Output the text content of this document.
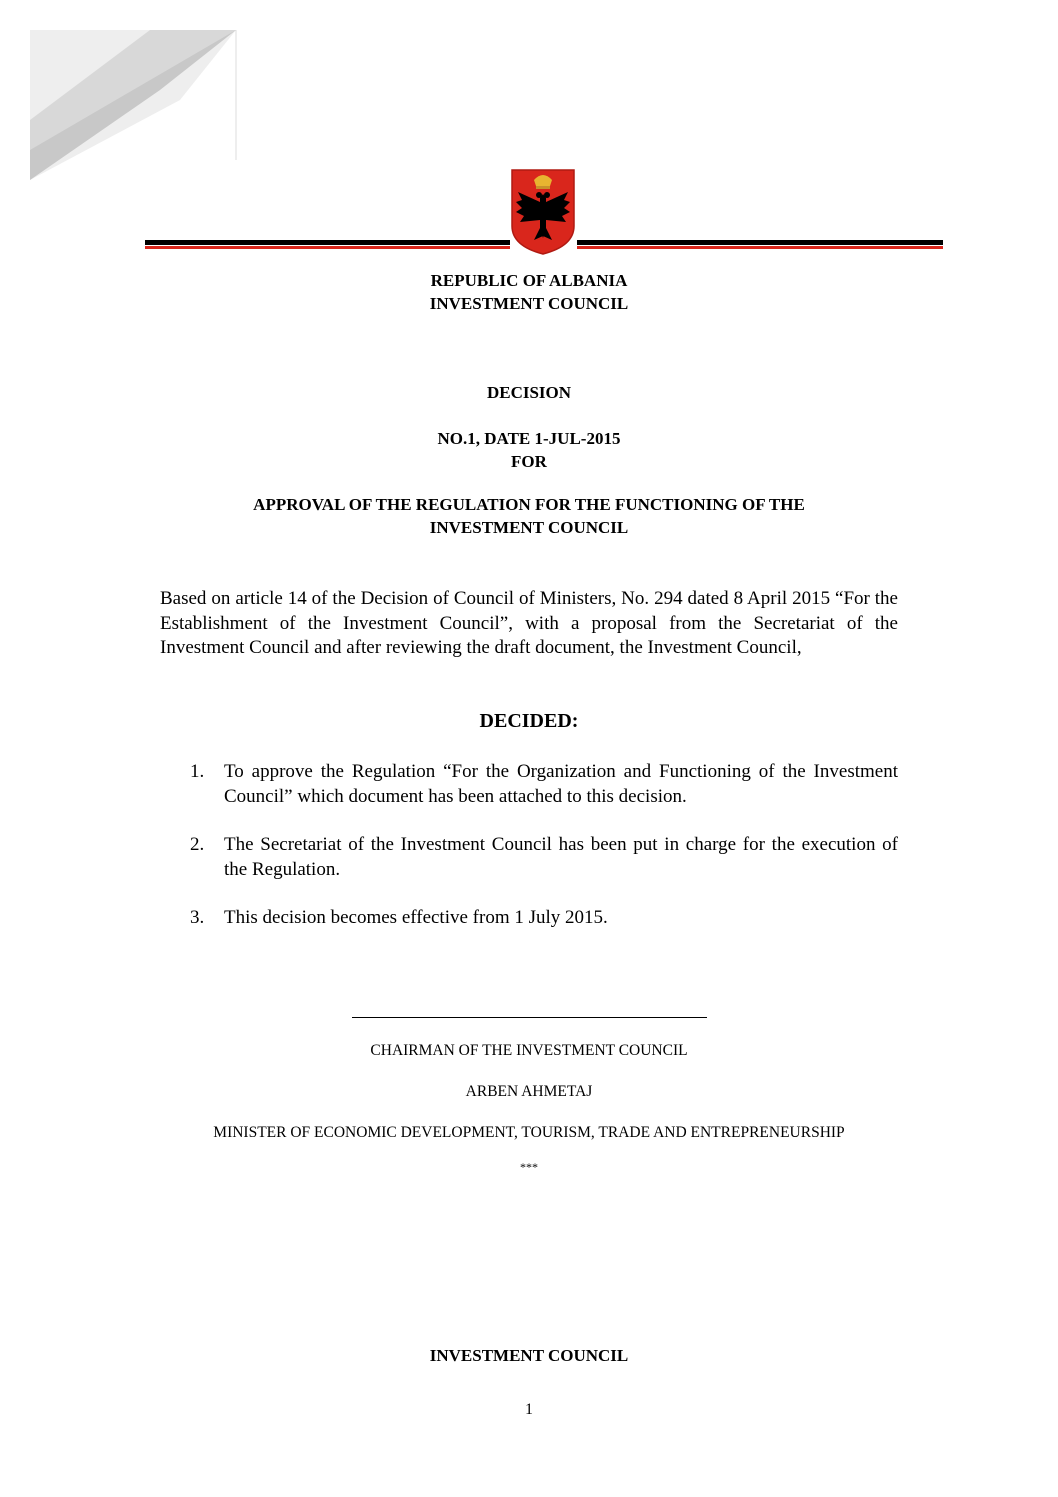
REPUBLIC OF ALBANIA
INVESTMENT COUNCIL
DECISION
NO.1, DATE 1-JUL-2015
FOR
APPROVAL OF THE REGULATION FOR THE FUNCTIONING OF THE
INVESTMENT COUNCIL
Based on article 14 of the Decision of Council of Ministers, No. 294 dated 8 April 2015 “For the Establishment of the Investment Council”, with a proposal from the Secretariat of the Investment Council and after reviewing the draft document, the Investment Council,
DECIDED:
1.	To approve the Regulation “For the Organization and Functioning of the Investment Council” which document has been attached to this decision.
2.	The Secretariat of the Investment Council has been put in charge for the execution of the Regulation.
3.	This decision becomes effective from 1 July 2015.
CHAIRMAN OF THE INVESTMENT COUNCIL
ARBEN AHMETAJ
MINISTER OF ECONOMIC DEVELOPMENT, TOURISM, TRADE AND ENTREPRENEURSHIP
***
INVESTMENT COUNCIL
1
